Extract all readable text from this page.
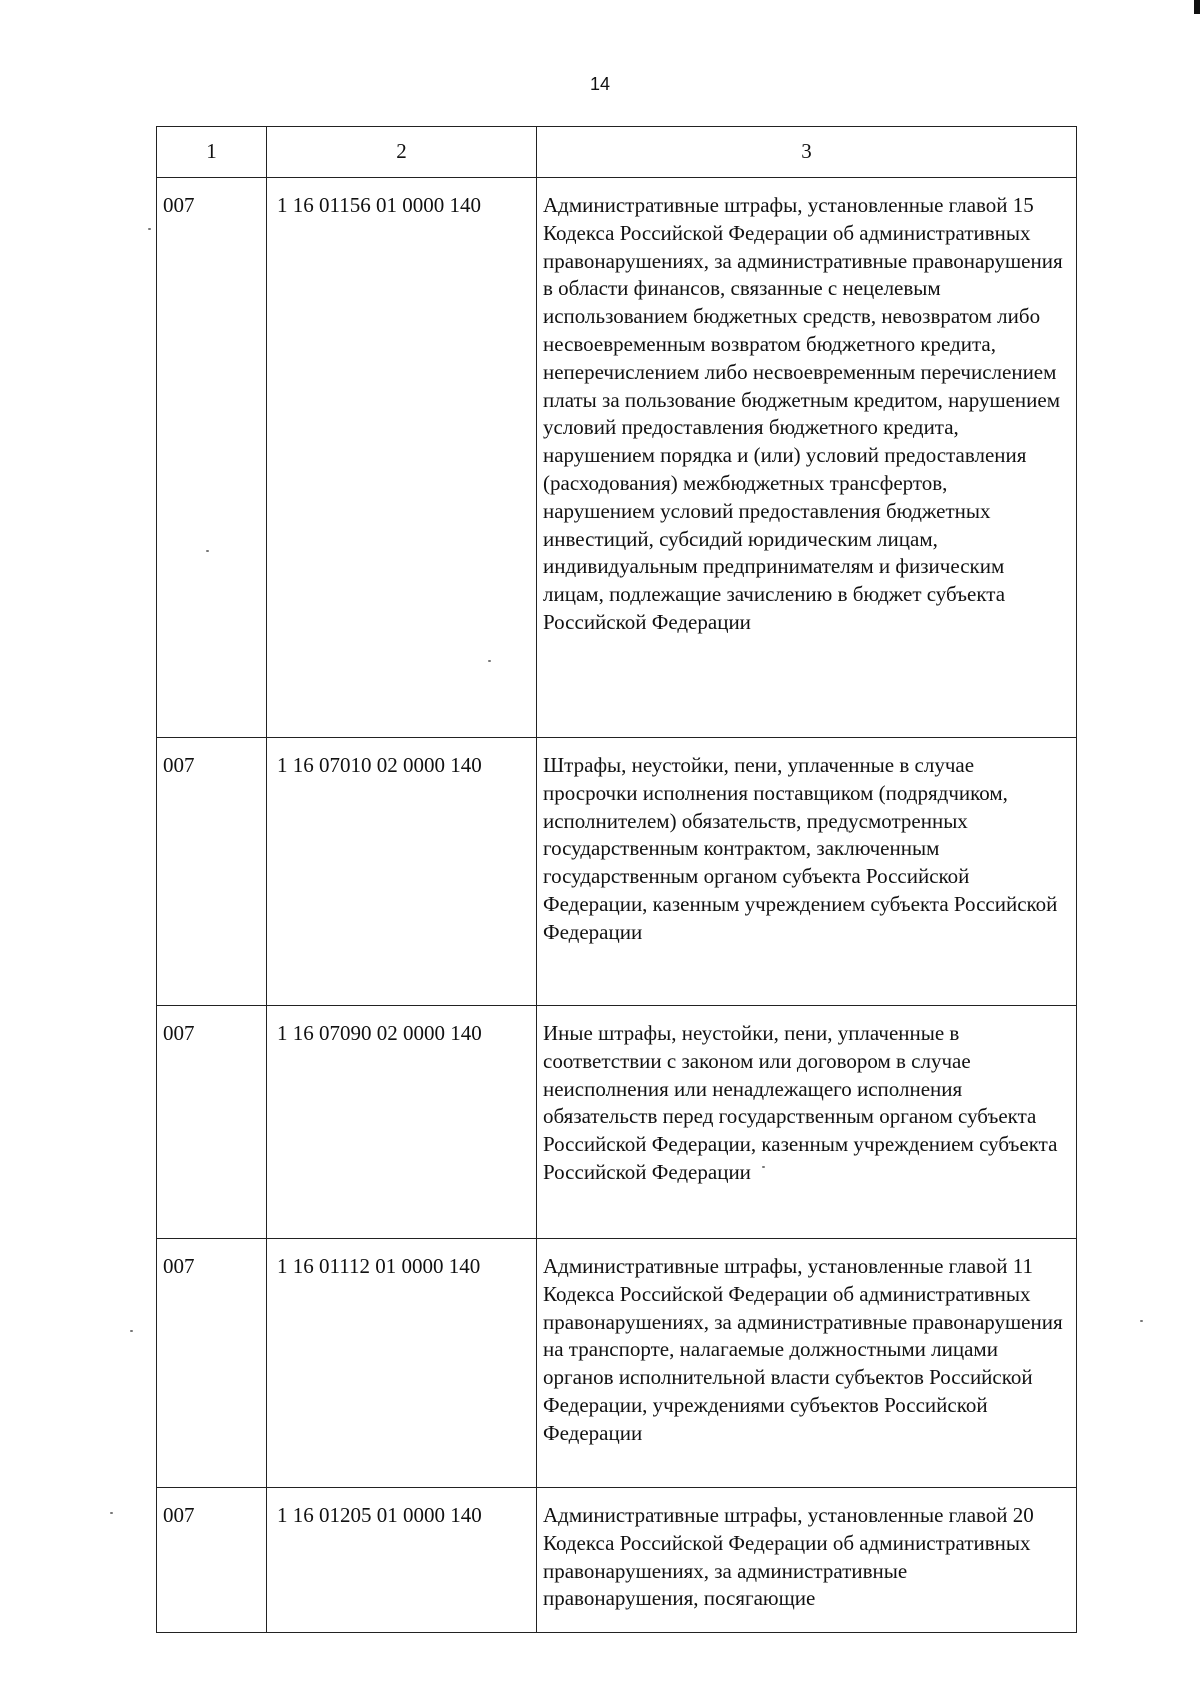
14
1	2	3
007	1 16 01156 01 0000 140	Административные штрафы, установленные главой 15 Кодекса Российской Федерации об административных правонарушениях, за административные правонарушения в области финансов, связанные с нецелевым использованием бюджетных средств, невозвратом либо несвоевременным возвратом бюджетного кредита, неперечислением либо несвоевременным перечислением платы за пользование бюджетным кредитом, нарушением условий предоставления бюджетного кредита, нарушением порядка и (или) условий предоставления (расходования) межбюджетных трансфертов, нарушением условий предоставления бюджетных инвестиций, субсидий юридическим лицам, индивидуальным предпринимателям и физическим лицам, подлежащие зачислению в бюджет субъекта Российской Федерации
007	1 16 07010 02 0000 140	Штрафы, неустойки, пени, уплаченные в случае просрочки исполнения поставщиком (подрядчиком, исполнителем) обязательств, предусмотренных государственным контрактом, заключенным государственным органом субъекта Российской Федерации, казенным учреждением субъекта Российской Федерации
007	1 16 07090 02 0000 140	Иные штрафы, неустойки, пени, уплаченные в соответствии с законом или договором в случае неисполнения или ненадлежащего исполнения обязательств перед государственным органом субъекта Российской Федерации, казенным учреждением субъекта Российской Федерации
007	1 16 01112 01 0000 140	Административные штрафы, установленные главой 11 Кодекса Российской Федерации об административных правонарушениях, за административные правонарушения на транспорте, налагаемые должностными лицами органов исполнительной власти субъектов Российской Федерации, учреждениями субъектов Российской Федерации
007	1 16 01205 01 0000 140	Административные штрафы, установленные главой 20 Кодекса Российской Федерации об административных правонарушениях, за административные правонарушения, посягающие
